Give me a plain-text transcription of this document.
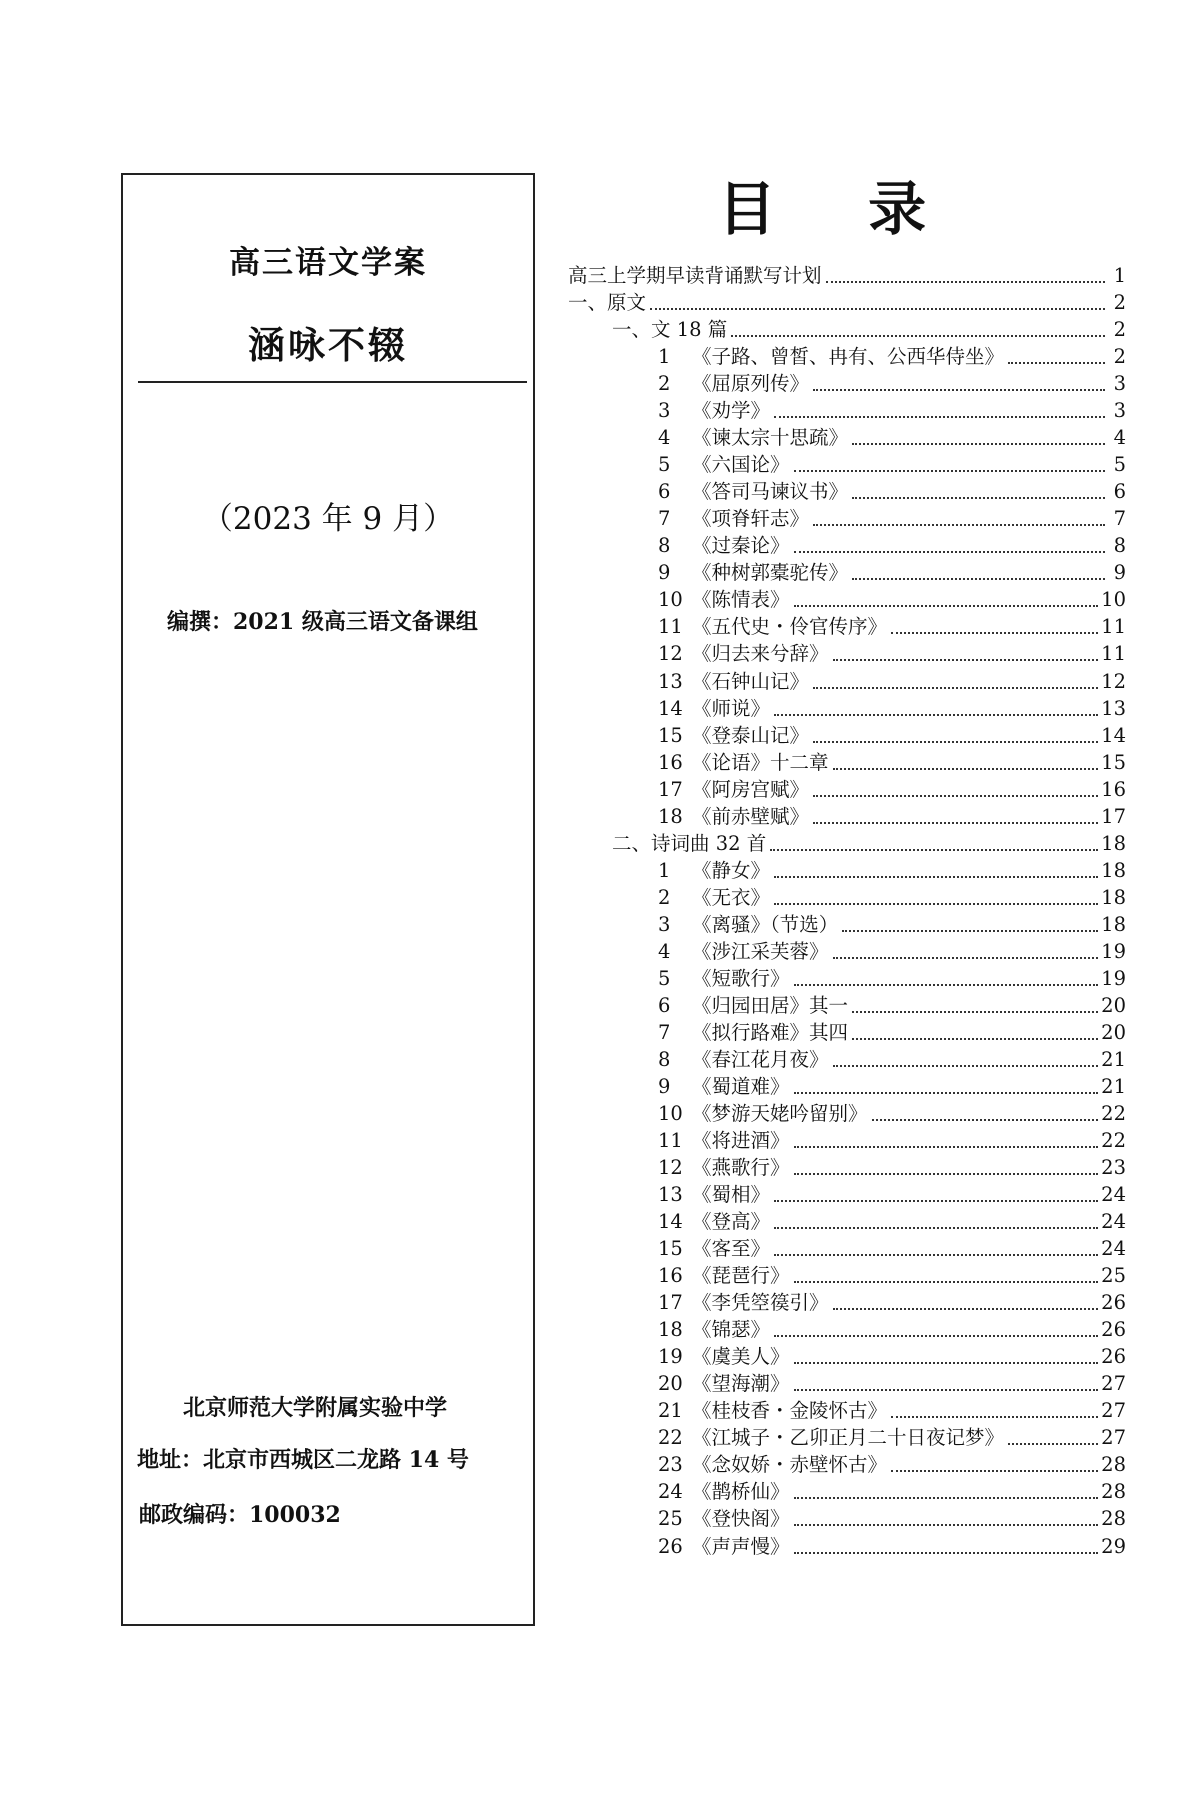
高三语文学案
涵咏不辍
（2023 年 9 月）
编撰：2021 级高三语文备课组
北京师范大学附属实验中学
地址：北京市西城区二龙路 14 号
邮政编码：100032
目 录
高三上学期早读背诵默写计划	1
一、原文	2
一、文 18 篇	2
1	《子路、曾皙、冉有、公西华侍坐》	2
2	《屈原列传》	3
3	《劝学》	3
4	《谏太宗十思疏》	4
5	《六国论》	5
6	《答司马谏议书》	6
7	《项脊轩志》	7
8	《过秦论》	8
9	《种树郭橐驼传》	9
10 《陈情表》	10
11 《五代史・伶官传序》	11
12 《归去来兮辞》	11
13 《石钟山记》	12
14 《师说》	13
15 《登泰山记》	14
16 《论语》十二章	15
17 《阿房宫赋》	16
18 《前赤壁赋》	17
二、诗词曲 32 首	18
1	《静女》	18
2	《无衣》	18
3	《离骚》（节选）	18
4	《涉江采芙蓉》	19
5	《短歌行》	19
6	《归园田居》其一	20
7	《拟行路难》其四	20
8	《春江花月夜》	21
9	《蜀道难》	21
10 《梦游天姥吟留别》	22
11 《将进酒》	22
12 《燕歌行》	23
13 《蜀相》	24
14 《登高》	24
15 《客至》	24
16 《琵琶行》	25
17 《李凭箜篌引》	26
18 《锦瑟》	26
19 《虞美人》	26
20 《望海潮》	27
21 《桂枝香・金陵怀古》	27
22 《江城子・乙卯正月二十日夜记梦》	27
23 《念奴娇・赤壁怀古》	28
24 《鹊桥仙》	28
25 《登快阁》	28
26 《声声慢》	29
